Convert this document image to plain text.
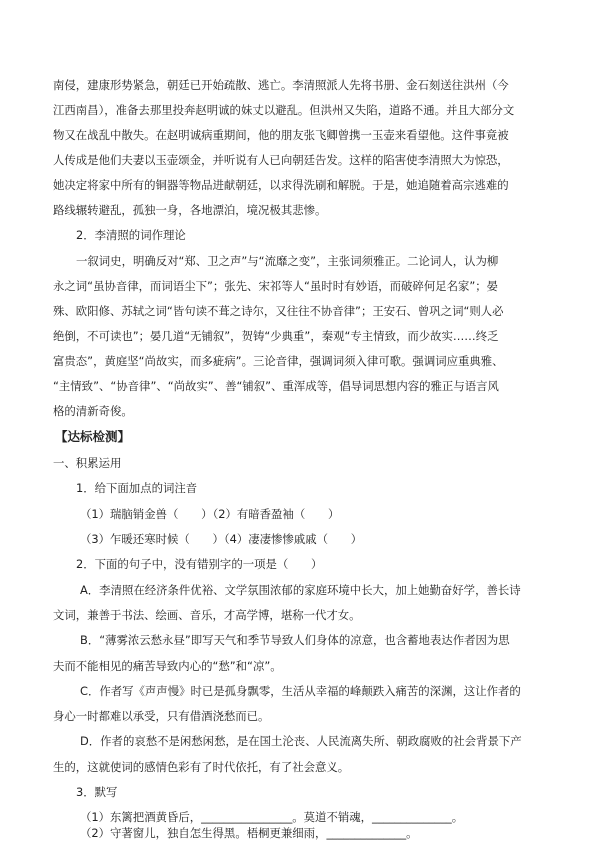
南侵，建康形势紧急，朝廷已开始疏散、逃亡。李清照派人先将书册、金石刻送往洪州（今
江西南昌），准备去那里投奔赵明诚的妹丈以避乱。但洪州又失陷，道路不通。并且大部分文
物又在战乱中散失。在赵明诚病重期间，他的朋友张飞卿曾携一玉壶来看望他。这件事竟被
人传成是他们夫妻以玉壶颂金，并听说有人已向朝廷告发。这样的陷害使李清照大为惊恐，
她决定将家中所有的铜器等物品进献朝廷，以求得洗刷和解脱。于是，她追随着高宗逃难的
路线辗转避乱，孤独一身，各地漂泊，境况极其悲惨。
2．李清照的词作理论
一叙词史，明确反对“郑、卫之声”与“流靡之变”，主张词须雅正。二论词人，认为柳
永之词“虽协音律，而词语尘下”；张先、宋祁等人“虽时时有妙语，而破碎何足名家”；晏
殊、欧阳修、苏轼之词“皆句读不葺之诗尔，又往往不协音律”；王安石、曾巩之词“则人必
绝倒，不可读也”；晏几道“无铺叙”，贺铸“少典重”，秦观“专主情致，而少故实……终乏
富贵态”，黄庭坚“尚故实，而多疵病”。三论音律，强调词须入律可歌。强调词应重典雅、
“主情致”、“协音律”、“尚故实”、善“铺叙”、重浑成等，倡导词思想内容的雅正与语言风
格的清新奇俊。
【达标检测】
一、积累运用
1．给下面加点的词注音
（1）瑞脑销金兽（　　）（2）有暗香盈袖（　　）
（3）乍暖还寒时候（　　）（4）凄凄惨惨戚戚（　　）
2．下面的句子中，没有错别字的一项是（　　）
A．李清照在经济条件优裕、文学氛围浓郁的家庭环境中长大，加上她勤奋好学，善长诗
文词，兼善于书法、绘画、音乐，才高学博，堪称一代才女。
B．“薄雾浓云愁永昼”即写天气和季节导致人们身体的凉意，也含蓄地表达作者因为思
夫而不能相见的痛苦导致内心的“愁”和“凉”。
C．作者写《声声慢》时已是孤身飘零，生活从幸福的峰颠跌入痛苦的深渊，这让作者的
身心一时都难以承受，只有借酒浇愁而已。
D．作者的哀愁不是闲愁闲愁，是在国土沦丧、人民流离失所、朝政腐败的社会背景下产
生的，这就使词的感情色彩有了时代依托，有了社会意义。
3．默写
（1）东篱把酒黄昏后，________________。莫道不销魂，______________。
（2）守著窗儿，独自怎生得黑。梧桐更兼细雨，______________。
